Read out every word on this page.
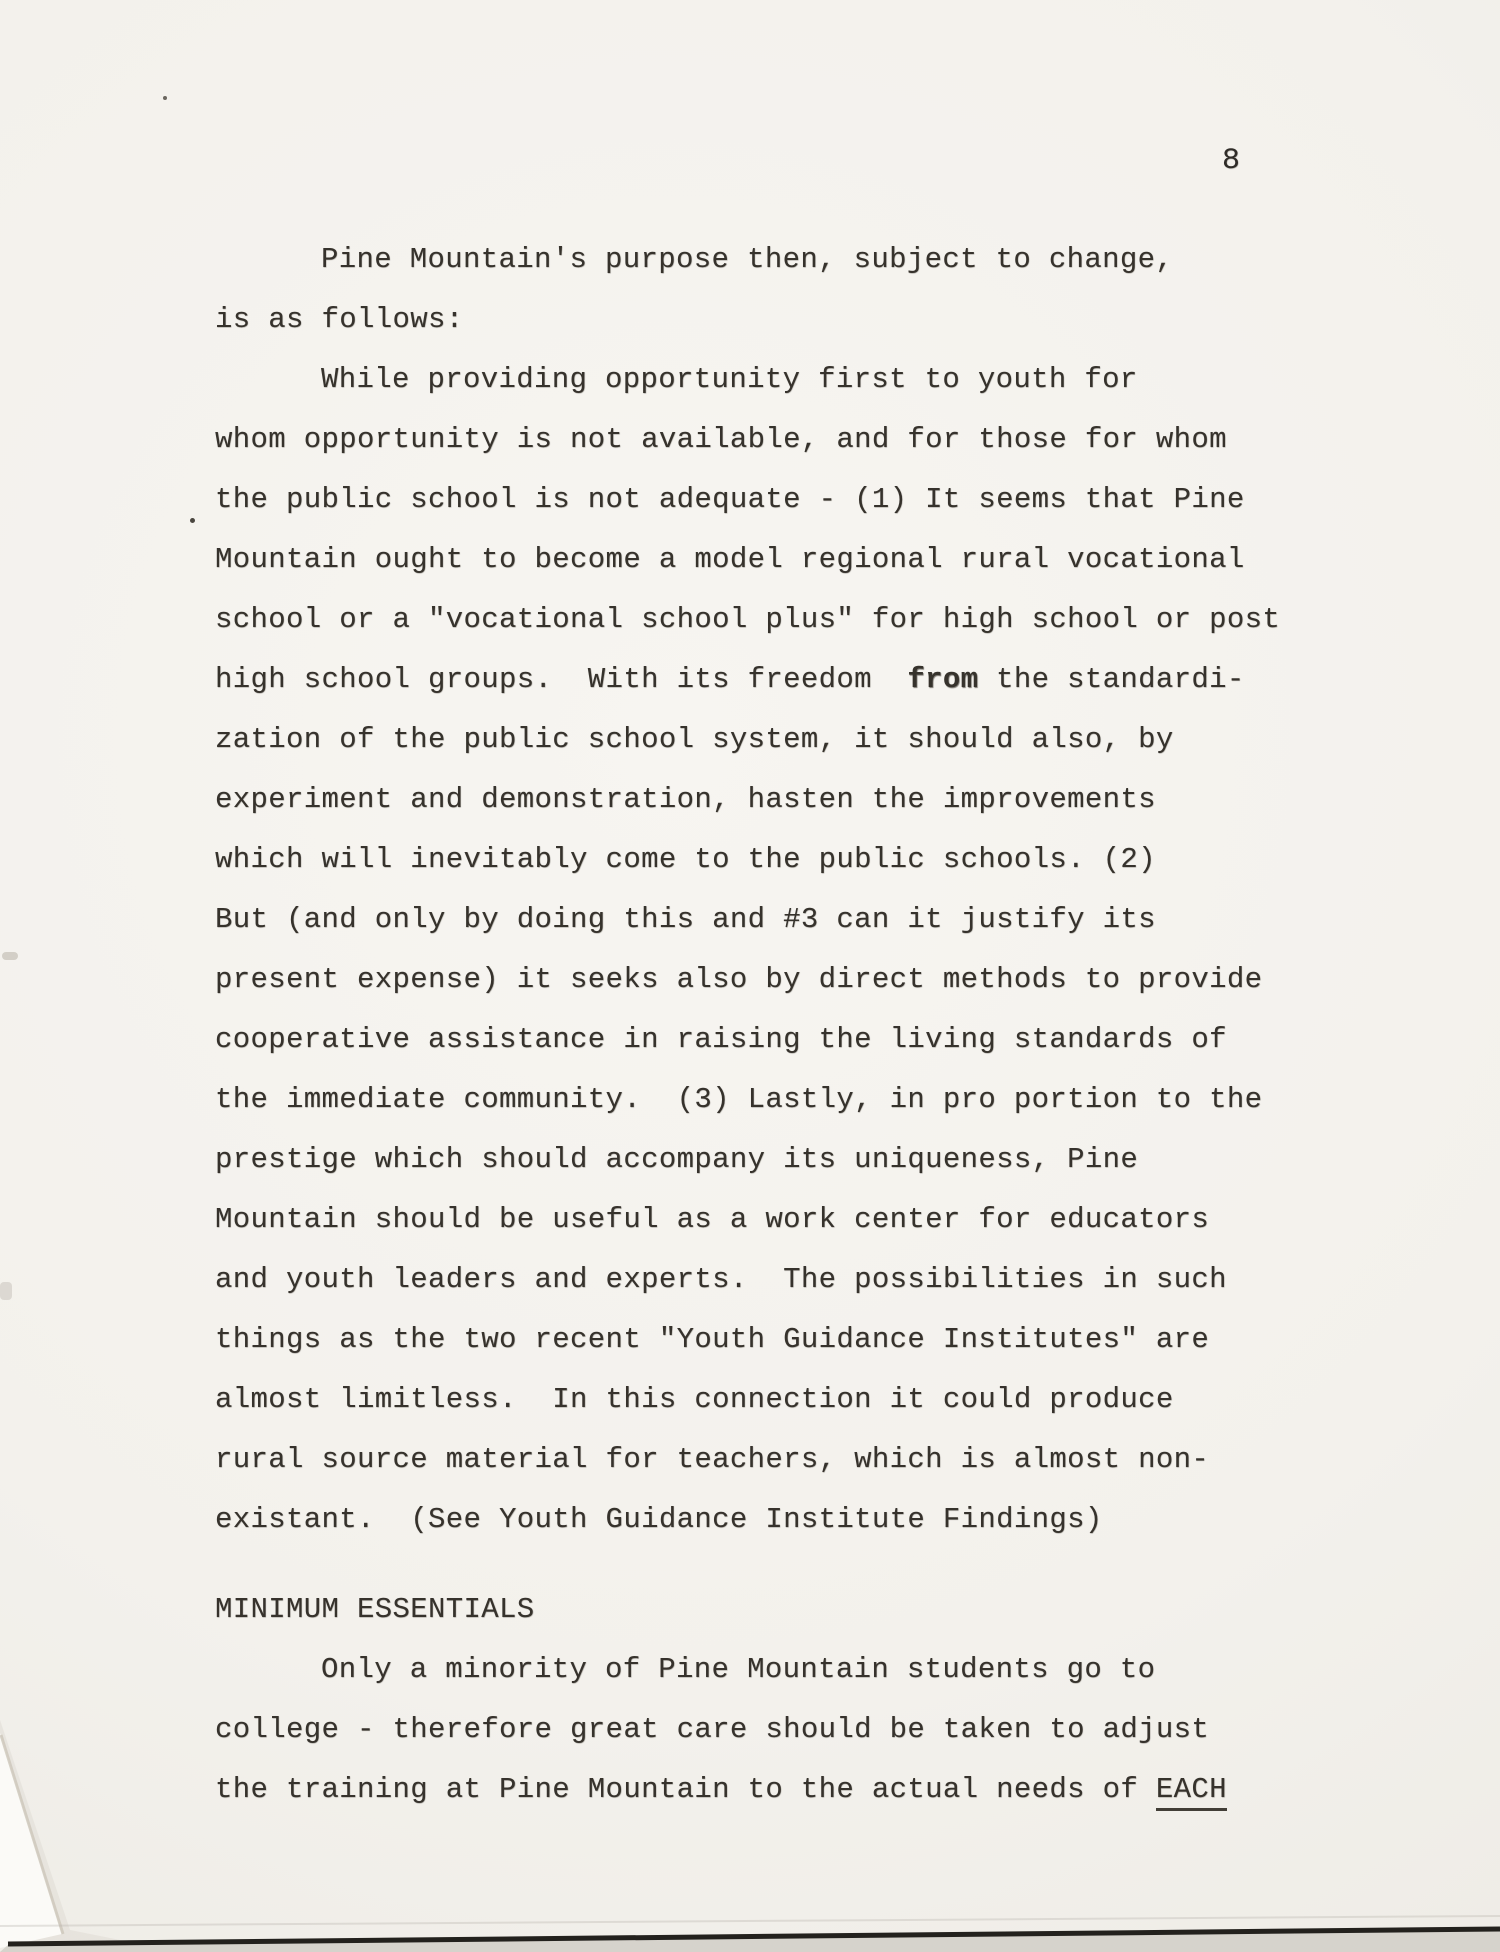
8
Pine Mountain's purpose then, subject to change,
is as follows:
While providing opportunity first to youth for
whom opportunity is not available, and for those for whom
the public school is not adequate - (1) It seems that Pine
Mountain ought to become a model regional rural vocational
school or a "vocational school plus" for high school or post
high school groups.  With its freedom  from the standardi-
zation of the public school system, it should also, by
experiment and demonstration, hasten the improvements
which will inevitably come to the public schools. (2)
But (and only by doing this and #3 can it justify its
present expense) it seeks also by direct methods to provide
cooperative assistance in raising the living standards of
the immediate community.  (3) Lastly, in pro portion to the
prestige which should accompany its uniqueness, Pine
Mountain should be useful as a work center for educators
and youth leaders and experts.  The possibilities in such
things as the two recent "Youth Guidance Institutes" are
almost limitless.  In this connection it could produce
rural source material for teachers, which is almost non-
existant.  (See Youth Guidance Institute Findings)
MINIMUM ESSENTIALS
Only a minority of Pine Mountain students go to
college - therefore great care should be taken to adjust
the training at Pine Mountain to the actual needs of EACH
